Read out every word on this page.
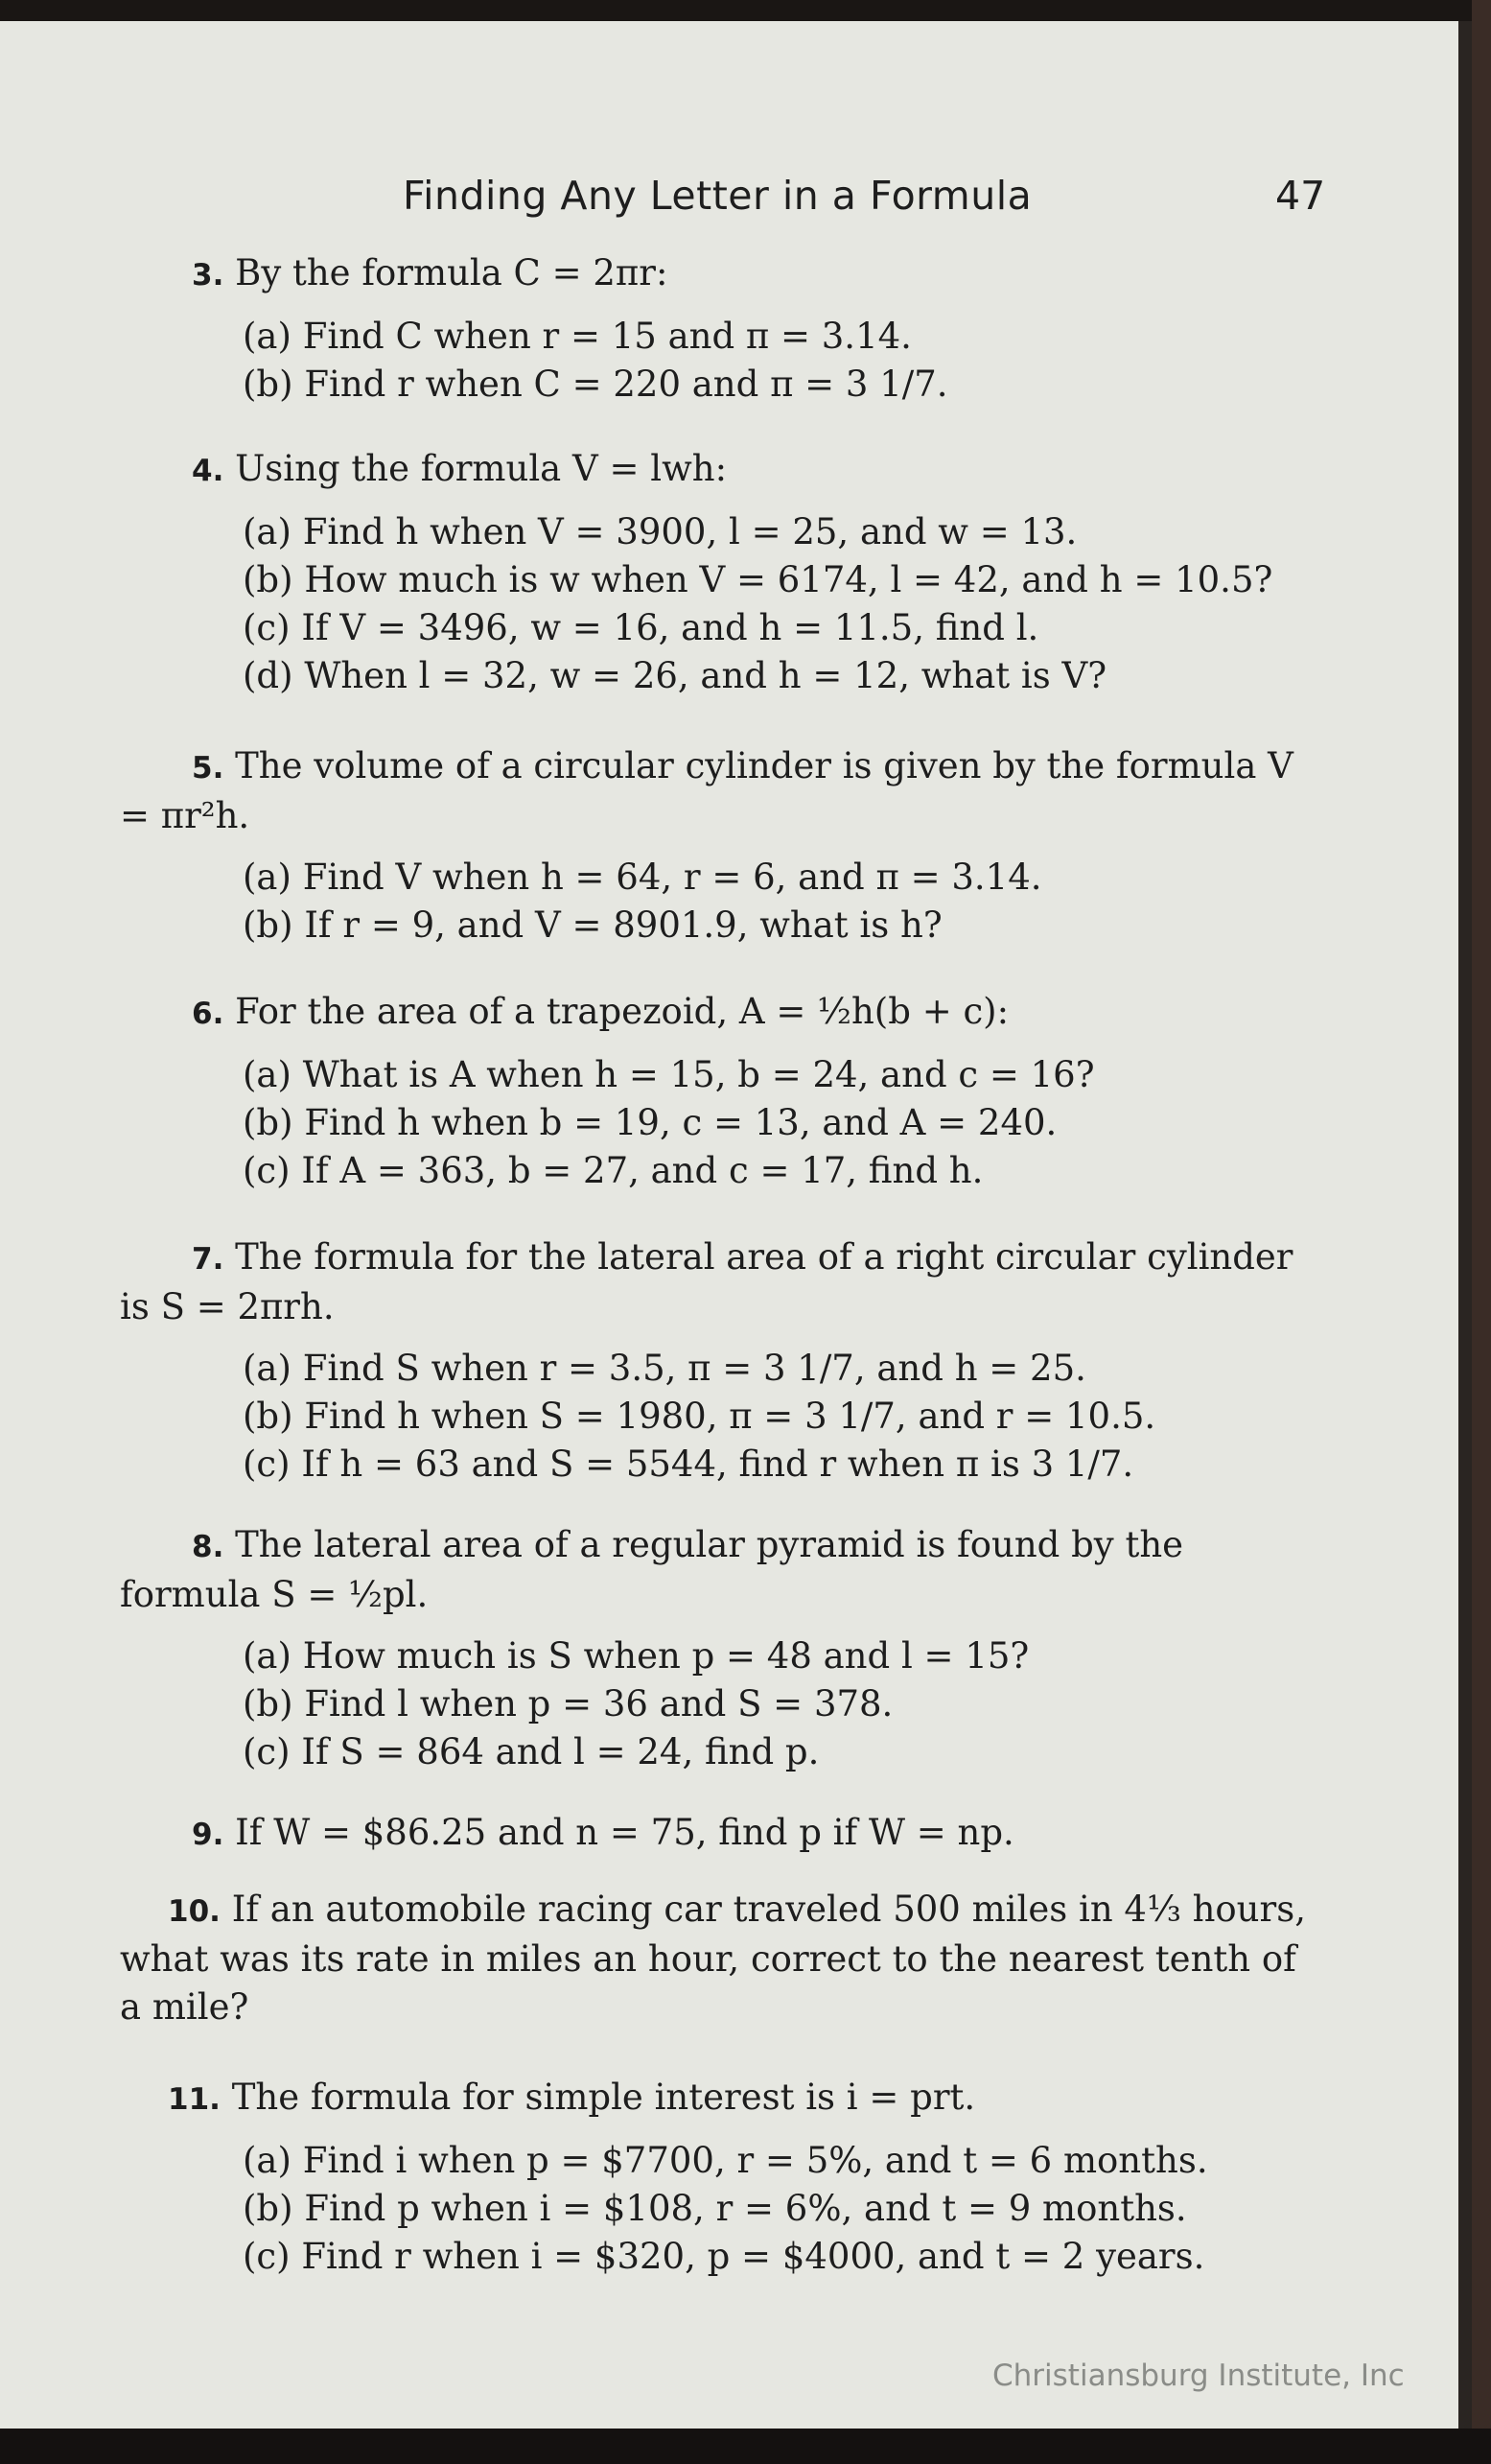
Finding Any Letter in a Formula	47
3. By the formula C = 2πr:
(a) Find C when r = 15 and π = 3.14.
(b) Find r when C = 220 and π = 3 1/7.
4. Using the formula V = lwh:
(a) Find h when V = 3900, l = 25, and w = 13.
(b) How much is w when V = 6174, l = 42, and h = 10.5?
(c) If V = 3496, w = 16, and h = 11.5, find l.
(d) When l = 32, w = 26, and h = 12, what is V?
5. The volume of a circular cylinder is given by the formula V = πr²h.
(a) Find V when h = 64, r = 6, and π = 3.14.
(b) If r = 9, and V = 8901.9, what is h?
6. For the area of a trapezoid, A = ½h(b + c):
(a) What is A when h = 15, b = 24, and c = 16?
(b) Find h when b = 19, c = 13, and A = 240.
(c) If A = 363, b = 27, and c = 17, find h.
7. The formula for the lateral area of a right circular cylinder is S = 2πrh.
(a) Find S when r = 3.5, π = 3 1/7, and h = 25.
(b) Find h when S = 1980, π = 3 1/7, and r = 10.5.
(c) If h = 63 and S = 5544, find r when π is 3 1/7.
8. The lateral area of a regular pyramid is found by the formula S = ½pl.
(a) How much is S when p = 48 and l = 15?
(b) Find l when p = 36 and S = 378.
(c) If S = 864 and l = 24, find p.
9. If W = $86.25 and n = 75, find p if W = np.
10. If an automobile racing car traveled 500 miles in 4⅓ hours, what was its rate in miles an hour, correct to the nearest tenth of a mile?
11. The formula for simple interest is i = prt.
(a) Find i when p = $7700, r = 5%, and t = 6 months.
(b) Find p when i = $108, r = 6%, and t = 9 months.
(c) Find r when i = $320, p = $4000, and t = 2 years.
Christiansburg Institute, Inc
